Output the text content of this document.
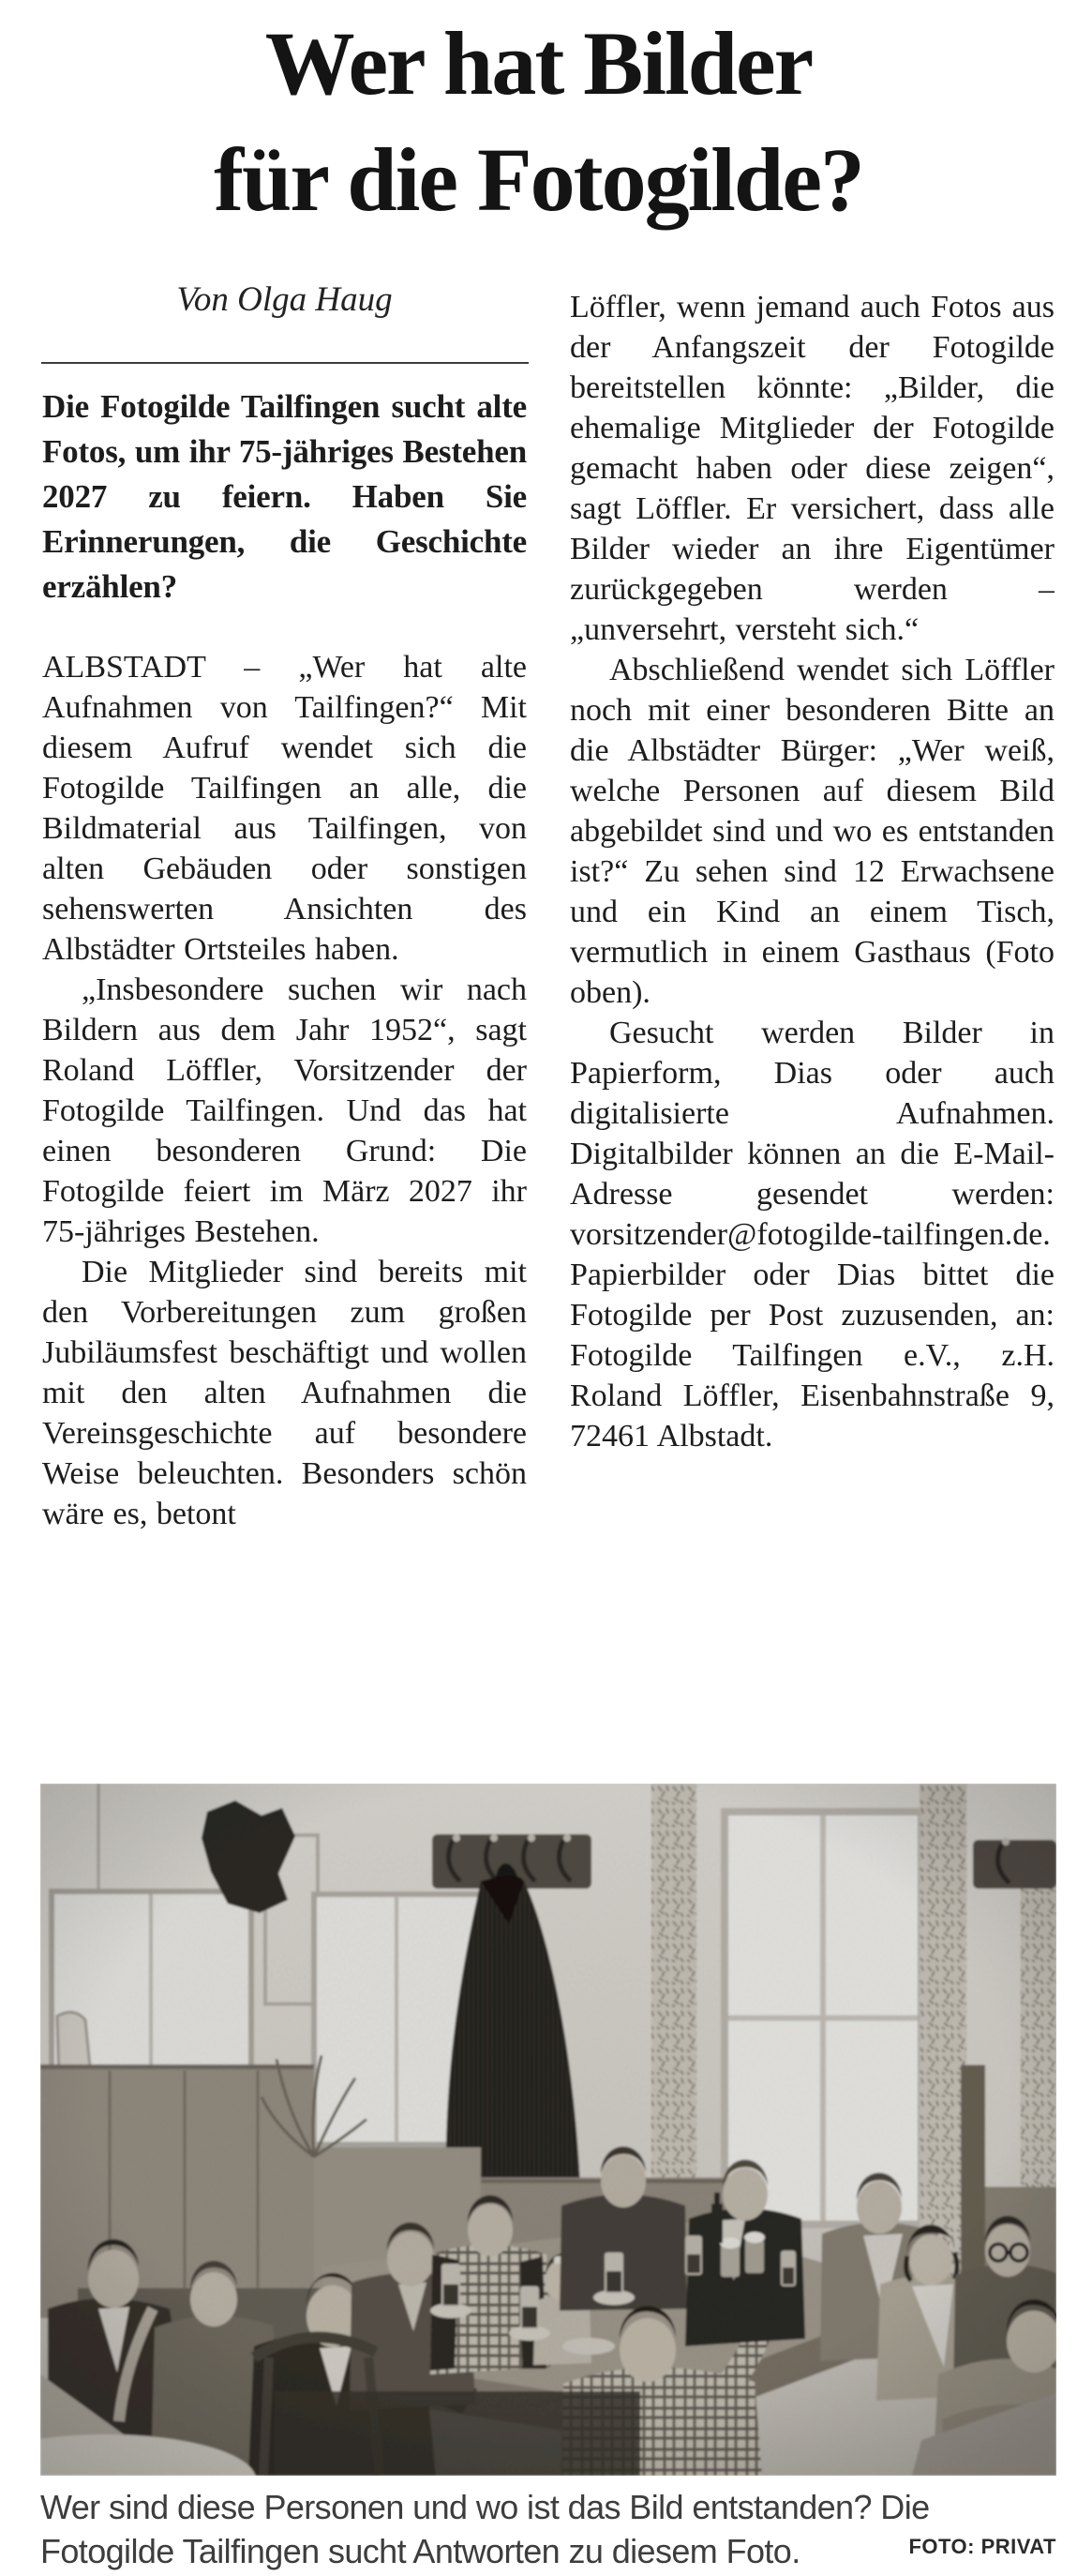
Wer hat Bilder
für die Fotogilde?
Von Olga Haug

Die Fotogilde Tailfingen sucht alte Fotos, um ihr 75-jähriges Bestehen 2027 zu feiern. Haben Sie Erinnerungen, die Geschichte erzählen?

ALBSTADT – „Wer hat alte Aufnahmen von Tailfingen?“ Mit diesem Aufruf wendet sich die Fotogilde Tailfingen an alle, die Bildmaterial aus Tailfingen, von alten Gebäuden oder sonstigen sehenswerten Ansichten des Albstädter Ortsteiles haben.

„Insbesondere suchen wir nach Bildern aus dem Jahr 1952“, sagt Roland Löffler, Vorsitzender der Fotogilde Tailfingen. Und das hat einen besonderen Grund: Die Fotogilde feiert im März 2027 ihr 75-jähriges Bestehen.

Die Mitglieder sind bereits mit den Vorbereitungen zum großen Jubiläumsfest beschäftigt und wollen mit den alten Aufnahmen die Vereinsgeschichte auf besondere Weise beleuchten. Besonders schön wäre es, betont

Löffler, wenn jemand auch Fotos aus der Anfangszeit der Fotogilde bereitstellen könnte: „Bilder, die ehemalige Mitglieder der Fotogilde gemacht haben oder diese zeigen“, sagt Löffler. Er versichert, dass alle Bilder wieder an ihre Eigentümer zurückgegeben werden – „unversehrt, versteht sich.“

Abschließend wendet sich Löffler noch mit einer besonderen Bitte an die Albstädter Bürger: „Wer weiß, welche Personen auf diesem Bild abgebildet sind und wo es entstanden ist?“ Zu sehen sind 12 Erwachsene und ein Kind an einem Tisch, vermutlich in einem Gasthaus (Foto oben).

Gesucht werden Bilder in Papierform, Dias oder auch digitalisierte Aufnahmen. Digitalbilder können an die E-Mail-Adresse gesendet werden: vorsitzender@fotogilde-tailfingen.de. Papierbilder oder Dias bittet die Fotogilde per Post zuzusenden, an: Fotogilde Tailfingen e.V., z.H. Roland Löffler, Eisenbahnstraße 9, 72461 Albstadt.

Wer sind diese Personen und wo ist das Bild entstanden? Die Fotogilde Tailfingen sucht Antworten zu diesem Foto.	FOTO: PRIVAT
